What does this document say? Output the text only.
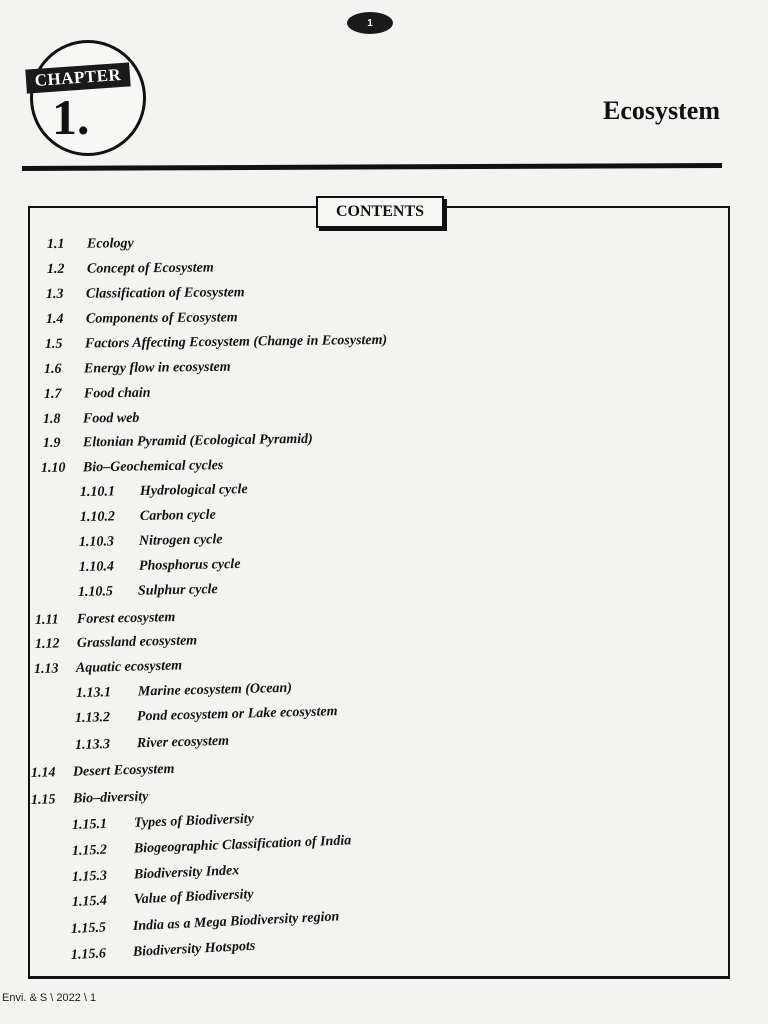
1
CHAPTER
1.	Ecosystem
CONTENTS
1.1 Ecology
1.2 Concept of Ecosystem
1.3 Classification of Ecosystem
1.4 Components of Ecosystem
1.5 Factors Affecting Ecosystem (Change in Ecosystem)
1.6 Energy flow in ecosystem
1.7 Food chain
1.8 Food web
1.9 Eltonian Pyramid (Ecological Pyramid)
1.10 Bio–Geochemical cycles
1.10.1 Hydrological cycle
1.10.2 Carbon cycle
1.10.3 Nitrogen cycle
1.10.4 Phosphorus cycle
1.10.5 Sulphur cycle
1.11 Forest ecosystem
1.12 Grassland ecosystem
1.13 Aquatic ecosystem
1.13.1 Marine ecosystem (Ocean)
1.13.2 Pond ecosystem or Lake ecosystem
1.13.3 River ecosystem
1.14 Desert Ecosystem
1.15 Bio–diversity
1.15.1 Types of Biodiversity
1.15.2 Biogeographic Classification of India
1.15.3 Biodiversity Index
1.15.4 Value of Biodiversity
1.15.5 India as a Mega Biodiversity region
1.15.6 Biodiversity Hotspots
Envi. & S \ 2022 \ 1
